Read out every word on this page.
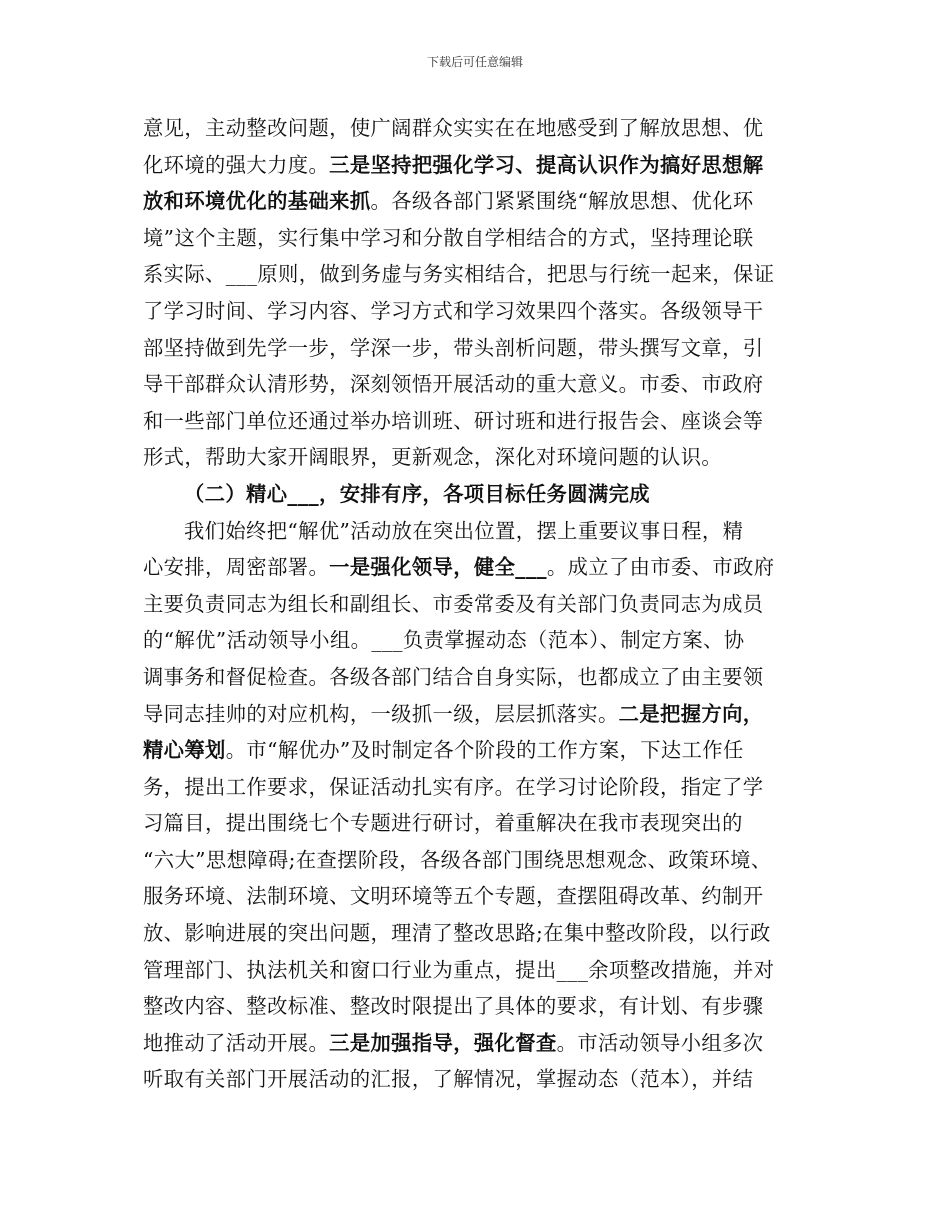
下载后可任意编辑
意见，主动整改问题，使广阔群众实实在在地感受到了解放思想、优
化环境的强大力度。三是坚持把强化学习、提高认识作为搞好思想解
放和环境优化的基础来抓。各级各部门紧紧围绕“解放思想、优化环
境”这个主题，实行集中学习和分散自学相结合的方式，坚持理论联
系实际、___原则，做到务虚与务实相结合，把思与行统一起来，保证
了学习时间、学习内容、学习方式和学习效果四个落实。各级领导干
部坚持做到先学一步，学深一步，带头剖析问题，带头撰写文章，引
导干部群众认清形势，深刻领悟开展活动的重大意义。市委、市政府
和一些部门单位还通过举办培训班、研讨班和进行报告会、座谈会等
形式，帮助大家开阔眼界，更新观念，深化对环境问题的认识。
（二）精心___，安排有序，各项目标任务圆满完成
我们始终把“解优”活动放在突出位置，摆上重要议事日程，精
心安排，周密部署。一是强化领导，健全___。成立了由市委、市政府
主要负责同志为组长和副组长、市委常委及有关部门负责同志为成员
的“解优”活动领导小组。___负责掌握动态（范本）、制定方案、协
调事务和督促检查。各级各部门结合自身实际，也都成立了由主要领
导同志挂帅的对应机构，一级抓一级，层层抓落实。二是把握方向，
精心筹划。市“解优办”及时制定各个阶段的工作方案，下达工作任
务，提出工作要求，保证活动扎实有序。在学习讨论阶段，指定了学
习篇目，提出围绕七个专题进行研讨，着重解决在我市表现突出的
“六大”思想障碍;在查摆阶段，各级各部门围绕思想观念、政策环境、
服务环境、法制环境、文明环境等五个专题，查摆阻碍改革、约制开
放、影响进展的突出问题，理清了整改思路;在集中整改阶段，以行政
管理部门、执法机关和窗口行业为重点，提出___余项整改措施，并对
整改内容、整改标准、整改时限提出了具体的要求，有计划、有步骤
地推动了活动开展。三是加强指导，强化督查。市活动领导小组多次
听取有关部门开展活动的汇报，了解情况，掌握动态（范本），并结
